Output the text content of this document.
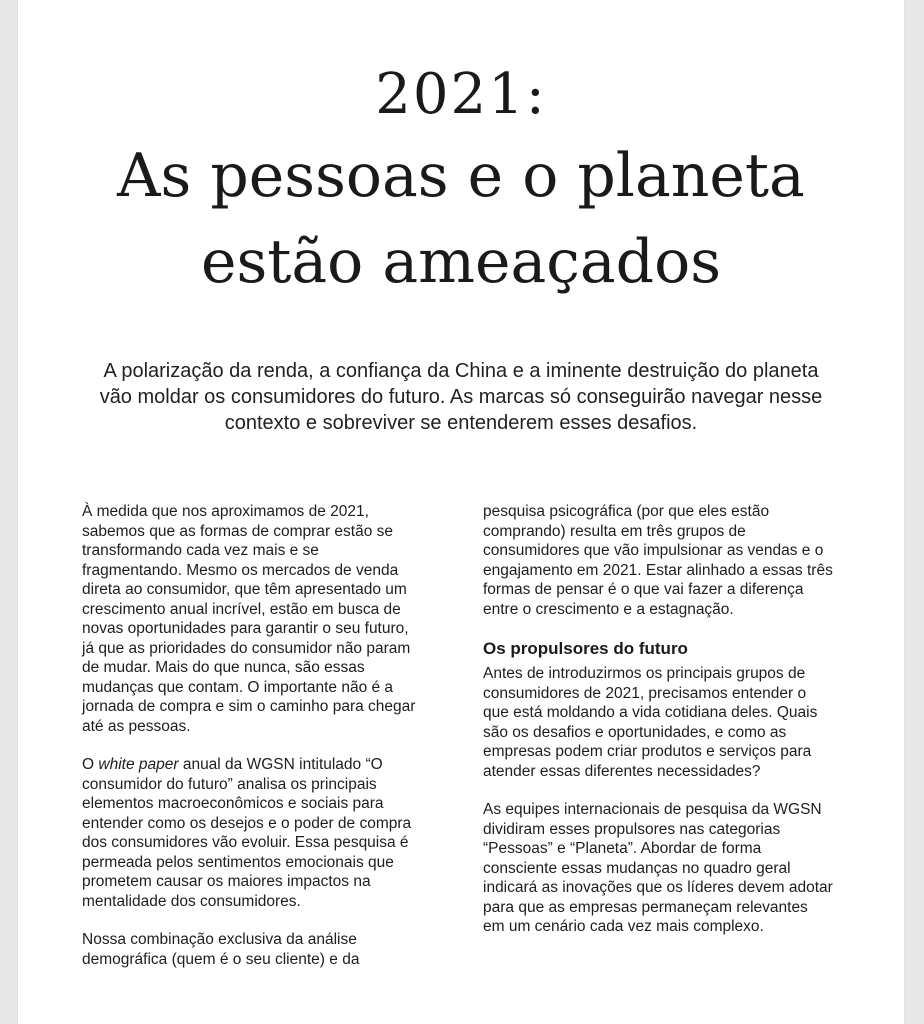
2021:
As pessoas e o planeta
estão ameaçados

A polarização da renda, a confiança da China e a iminente destruição do planeta vão moldar os consumidores do futuro. As marcas só conseguirão navegar nesse contexto e sobreviver se entenderem esses desafios.

À medida que nos aproximamos de 2021, sabemos que as formas de comprar estão se transformando cada vez mais e se fragmentando. Mesmo os mercados de venda direta ao consumidor, que têm apresentado um crescimento anual incrível, estão em busca de novas oportunidades para garantir o seu futuro, já que as prioridades do consumidor não param de mudar. Mais do que nunca, são essas mudanças que contam. O importante não é a jornada de compra e sim o caminho para chegar até as pessoas.

O white paper anual da WGSN intitulado “O consumidor do futuro” analisa os principais elementos macroeconômicos e sociais para entender como os desejos e o poder de compra dos consumidores vão evoluir. Essa pesquisa é permeada pelos sentimentos emocionais que prometem causar os maiores impactos na mentalidade dos consumidores.

Nossa combinação exclusiva da análise demográfica (quem é o seu cliente) e da

pesquisa psicográfica (por que eles estão comprando) resulta em três grupos de consumidores que vão impulsionar as vendas e o engajamento em 2021. Estar alinhado a essas três formas de pensar é o que vai fazer a diferença entre o crescimento e a estagnação.

Os propulsores do futuro

Antes de introduzirmos os principais grupos de consumidores de 2021, precisamos entender o que está moldando a vida cotidiana deles. Quais são os desafios e oportunidades, e como as empresas podem criar produtos e serviços para atender essas diferentes necessidades?

As equipes internacionais de pesquisa da WGSN dividiram esses propulsores nas categorias “Pessoas” e “Planeta”. Abordar de forma consciente essas mudanças no quadro geral indicará as inovações que os líderes devem adotar para que as empresas permaneçam relevantes em um cenário cada vez mais complexo.
